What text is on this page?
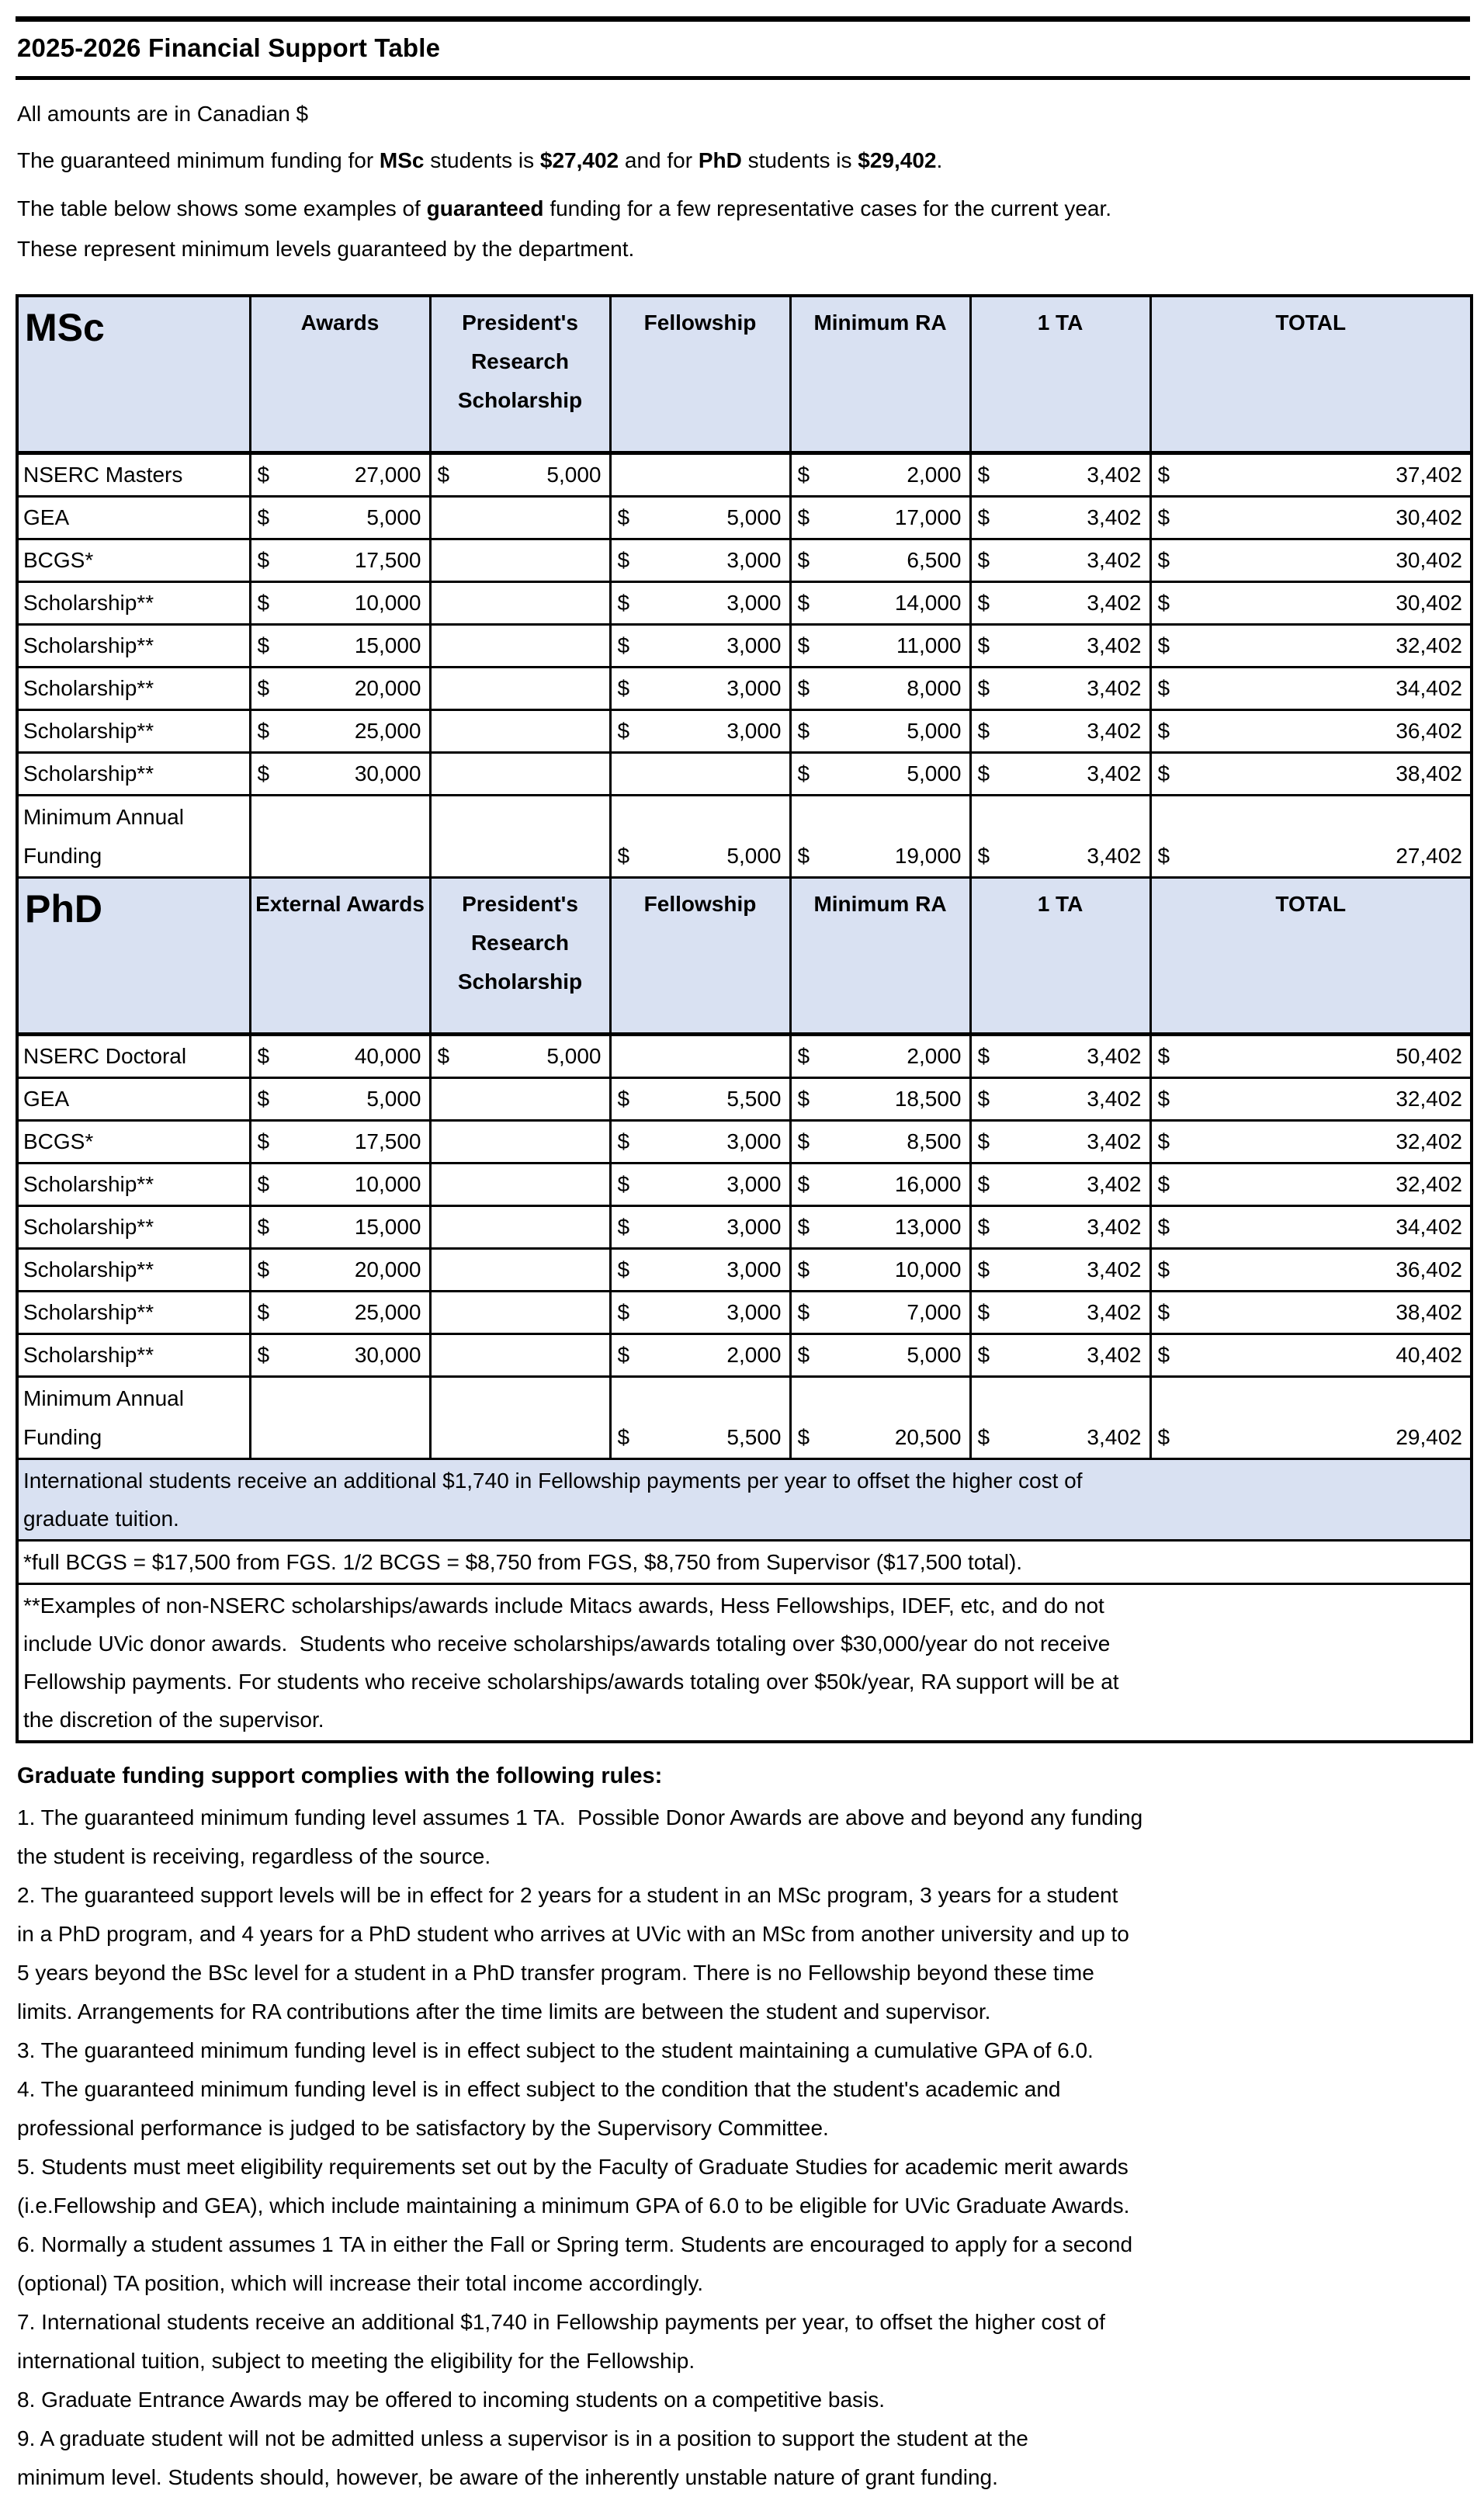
2025-2026 Financial Support Table
All amounts are in Canadian $
The guaranteed minimum funding for MSc students is $27,402 and for PhD students is $29,402.
The table below shows some examples of guaranteed funding for a few representative cases for the current year.
These represent minimum levels guaranteed by the department.
MSc	Awards	President's Research Scholarship	Fellowship	Minimum RA	1 TA	TOTAL
NSERC Masters	$ 27,000	$ 5,000		$ 2,000	$ 3,402	$ 37,402

GEA	$ 5,000		$ 5,000	$ 17,000	$ 3,402	$ 30,402

BCGS*	$ 17,500		$ 3,000	$ 6,500	$ 3,402	$ 30,402

Scholarship**	$ 10,000		$ 3,000	$ 14,000	$ 3,402	$ 30,402

Scholarship**	$ 15,000		$ 3,000	$ 11,000	$ 3,402	$ 32,402

Scholarship**	$ 20,000		$ 3,000	$ 8,000	$ 3,402	$ 34,402

Scholarship**	$ 25,000		$ 3,000	$ 5,000	$ 3,402	$ 36,402

Scholarship**	$ 30,000			$ 5,000	$ 3,402	$ 38,402

Minimum Annual Funding			$ 5,000	$ 19,000	$ 3,402	$ 27,402

PhD	External Awards	President's Research Scholarship	Fellowship	Minimum RA	1 TA	TOTAL
NSERC Doctoral	$ 40,000	$ 5,000		$ 2,000	$ 3,402	$ 50,402

GEA	$ 5,000		$ 5,500	$ 18,500	$ 3,402	$ 32,402

BCGS*	$ 17,500		$ 3,000	$ 8,500	$ 3,402	$ 32,402

Scholarship**	$ 10,000		$ 3,000	$ 16,000	$ 3,402	$ 32,402

Scholarship**	$ 15,000		$ 3,000	$ 13,000	$ 3,402	$ 34,402

Scholarship**	$ 20,000		$ 3,000	$ 10,000	$ 3,402	$ 36,402

Scholarship**	$ 25,000		$ 3,000	$ 7,000	$ 3,402	$ 38,402

Scholarship**	$ 30,000		$ 2,000	$ 5,000	$ 3,402	$ 40,402

Minimum Annual Funding			$ 5,500	$ 20,500	$ 3,402	$ 29,402

International students receive an additional $1,740 in Fellowship payments per year to offset the higher cost of
graduate tuition.						

*full BCGS = $17,500 from FGS. 1/2 BCGS = $8,750 from FGS, $8,750 from Supervisor ($17,500 total).						

**Examples of non-NSERC scholarships/awards include Mitacs awards, Hess Fellowships, IDEF, etc, and do not
include UVic donor awards.  Students who receive scholarships/awards totaling over $30,000/year do not receive
Fellowship payments. For students who receive scholarships/awards totaling over $50k/year, RA support will be at
the discretion of the supervisor.						
Graduate funding support complies with the following rules:
1. The guaranteed minimum funding level assumes 1 TA.  Possible Donor Awards are above and beyond any funding
the student is receiving, regardless of the source.
2. The guaranteed support levels will be in effect for 2 years for a student in an MSc program, 3 years for a student
in a PhD program, and 4 years for a PhD student who arrives at UVic with an MSc from another university and up to
5 years beyond the BSc level for a student in a PhD transfer program. There is no Fellowship beyond these time
limits. Arrangements for RA contributions after the time limits are between the student and supervisor.
3. The guaranteed minimum funding level is in effect subject to the student maintaining a cumulative GPA of 6.0.
4. The guaranteed minimum funding level is in effect subject to the condition that the student's academic and
professional performance is judged to be satisfactory by the Supervisory Committee.
5. Students must meet eligibility requirements set out by the Faculty of Graduate Studies for academic merit awards
(i.e.Fellowship and GEA), which include maintaining a minimum GPA of 6.0 to be eligible for UVic Graduate Awards.
6. Normally a student assumes 1 TA in either the Fall or Spring term. Students are encouraged to apply for a second
(optional) TA position, which will increase their total income accordingly.
7. International students receive an additional $1,740 in Fellowship payments per year, to offset the higher cost of
international tuition, subject to meeting the eligibility for the Fellowship.
8. Graduate Entrance Awards may be offered to incoming students on a competitive basis.
9. A graduate student will not be admitted unless a supervisor is in a position to support the student at the
minimum level. Students should, however, be aware of the inherently unstable nature of grant funding.
